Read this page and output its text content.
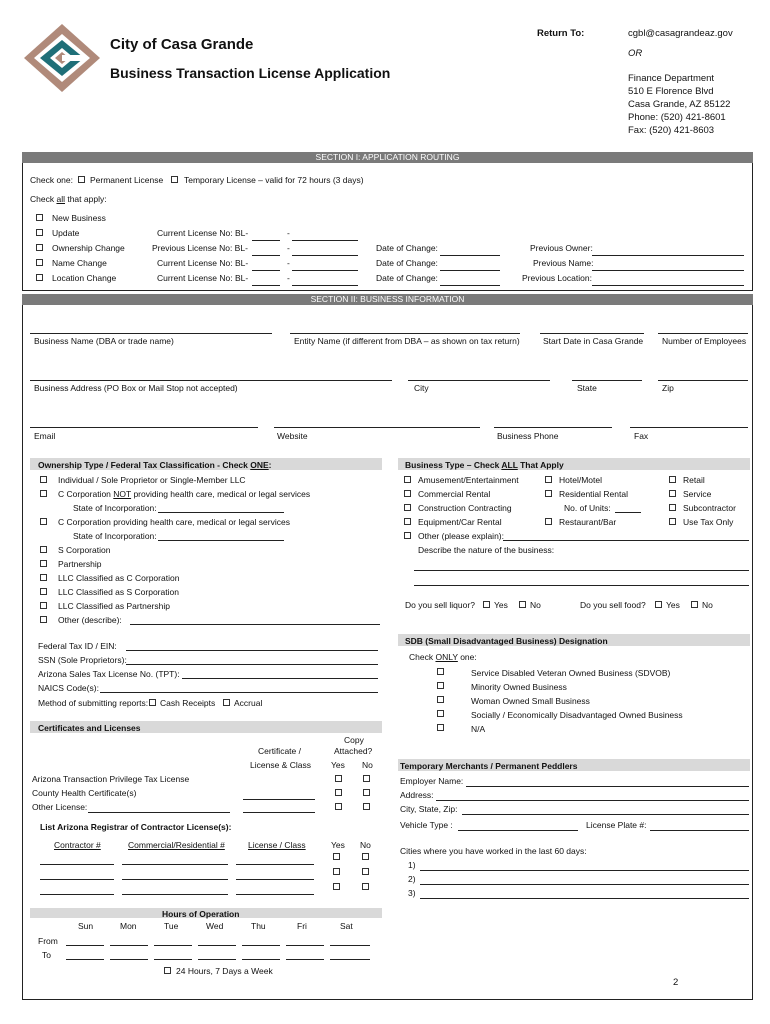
City of Casa Grande
Business Transaction License Application
Return To:	cgbl@casagrandeaz.gov
OR
Finance Department
510 E Florence Blvd
Casa Grande, AZ 85122
Phone: (520) 421-8601
Fax: (520) 421-8603
SECTION I: APPLICATION ROUTING
Check one: Permanent License Temporary License – valid for 72 hours (3 days)
Check all that apply:
New Business
Update	Current License No: BL-	-
Ownership Change	Previous License No: BL-	-	Date of Change:	Previous Owner:
Name Change	Current License No: BL-	-	Date of Change:	Previous Name:
Location Change	Current License No: BL-	-	Date of Change:	Previous Location:
SECTION II: BUSINESS INFORMATION
Business Name (DBA or trade name)	Entity Name (if different from DBA – as shown on tax return)	Start Date in Casa Grande Number of Employees
Business Address (PO Box or Mail Stop not accepted)	City	State	Zip
Email	Website	Business Phone	Fax
Ownership Type / Federal Tax Classification - Check ONE:
Individual / Sole Proprietor or Single-Member LLC
C Corporation NOT providing health care, medical or legal services
State of Incorporation:
C Corporation providing health care, medical or legal services
State of Incorporation:
S Corporation
Partnership
LLC Classified as C Corporation
LLC Classified as S Corporation
LLC Classified as Partnership
Other (describe):
Business Type – Check ALL That Apply
Amusement/Entertainment
Commercial Rental
Construction Contracting
Equipment/Car Rental
Other (please explain):
Hotel/Motel
Residential Rental
No. of Units:
Restaurant/Bar
Retail
Service
Subcontractor
Use Tax Only
Describe the nature of the business:
Do you sell liquor? Yes	No	Do you sell food? Yes	No
Federal Tax ID / EIN:
SSN (Sole Proprietors):
Arizona Sales Tax License No. (TPT):
NAICS Code(s):
Method of submitting reports: Cash Receipts Accrual
SDB (Small Disadvantaged Business) Designation
Check ONLY one:
Service Disabled Veteran Owned Business (SDVOB)
Minority Owned Business
Woman Owned Small Business
Socially / Economically Disadvantaged Owned Business
N/A
Certificates and Licenses
Copy
Attached?
Certificate /
License & Class Yes No
Arizona Transaction Privilege Tax License
County Health Certificate(s)
Other License:
List Arizona Registrar of Contractor License(s):
Yes No
Contractor #	Commercial/Residential #	License / Class
Temporary Merchants / Permanent Peddlers
Employer Name:
Address:
City, State, Zip:
Vehicle Type :	License Plate #:
Cities where you have worked in the last 60 days:
1)
2)
3)
Hours of Operation
Sun	Mon	Tue	Wed	Thu	Fri	Sat
From
To
24 Hours, 7 Days a Week
2
